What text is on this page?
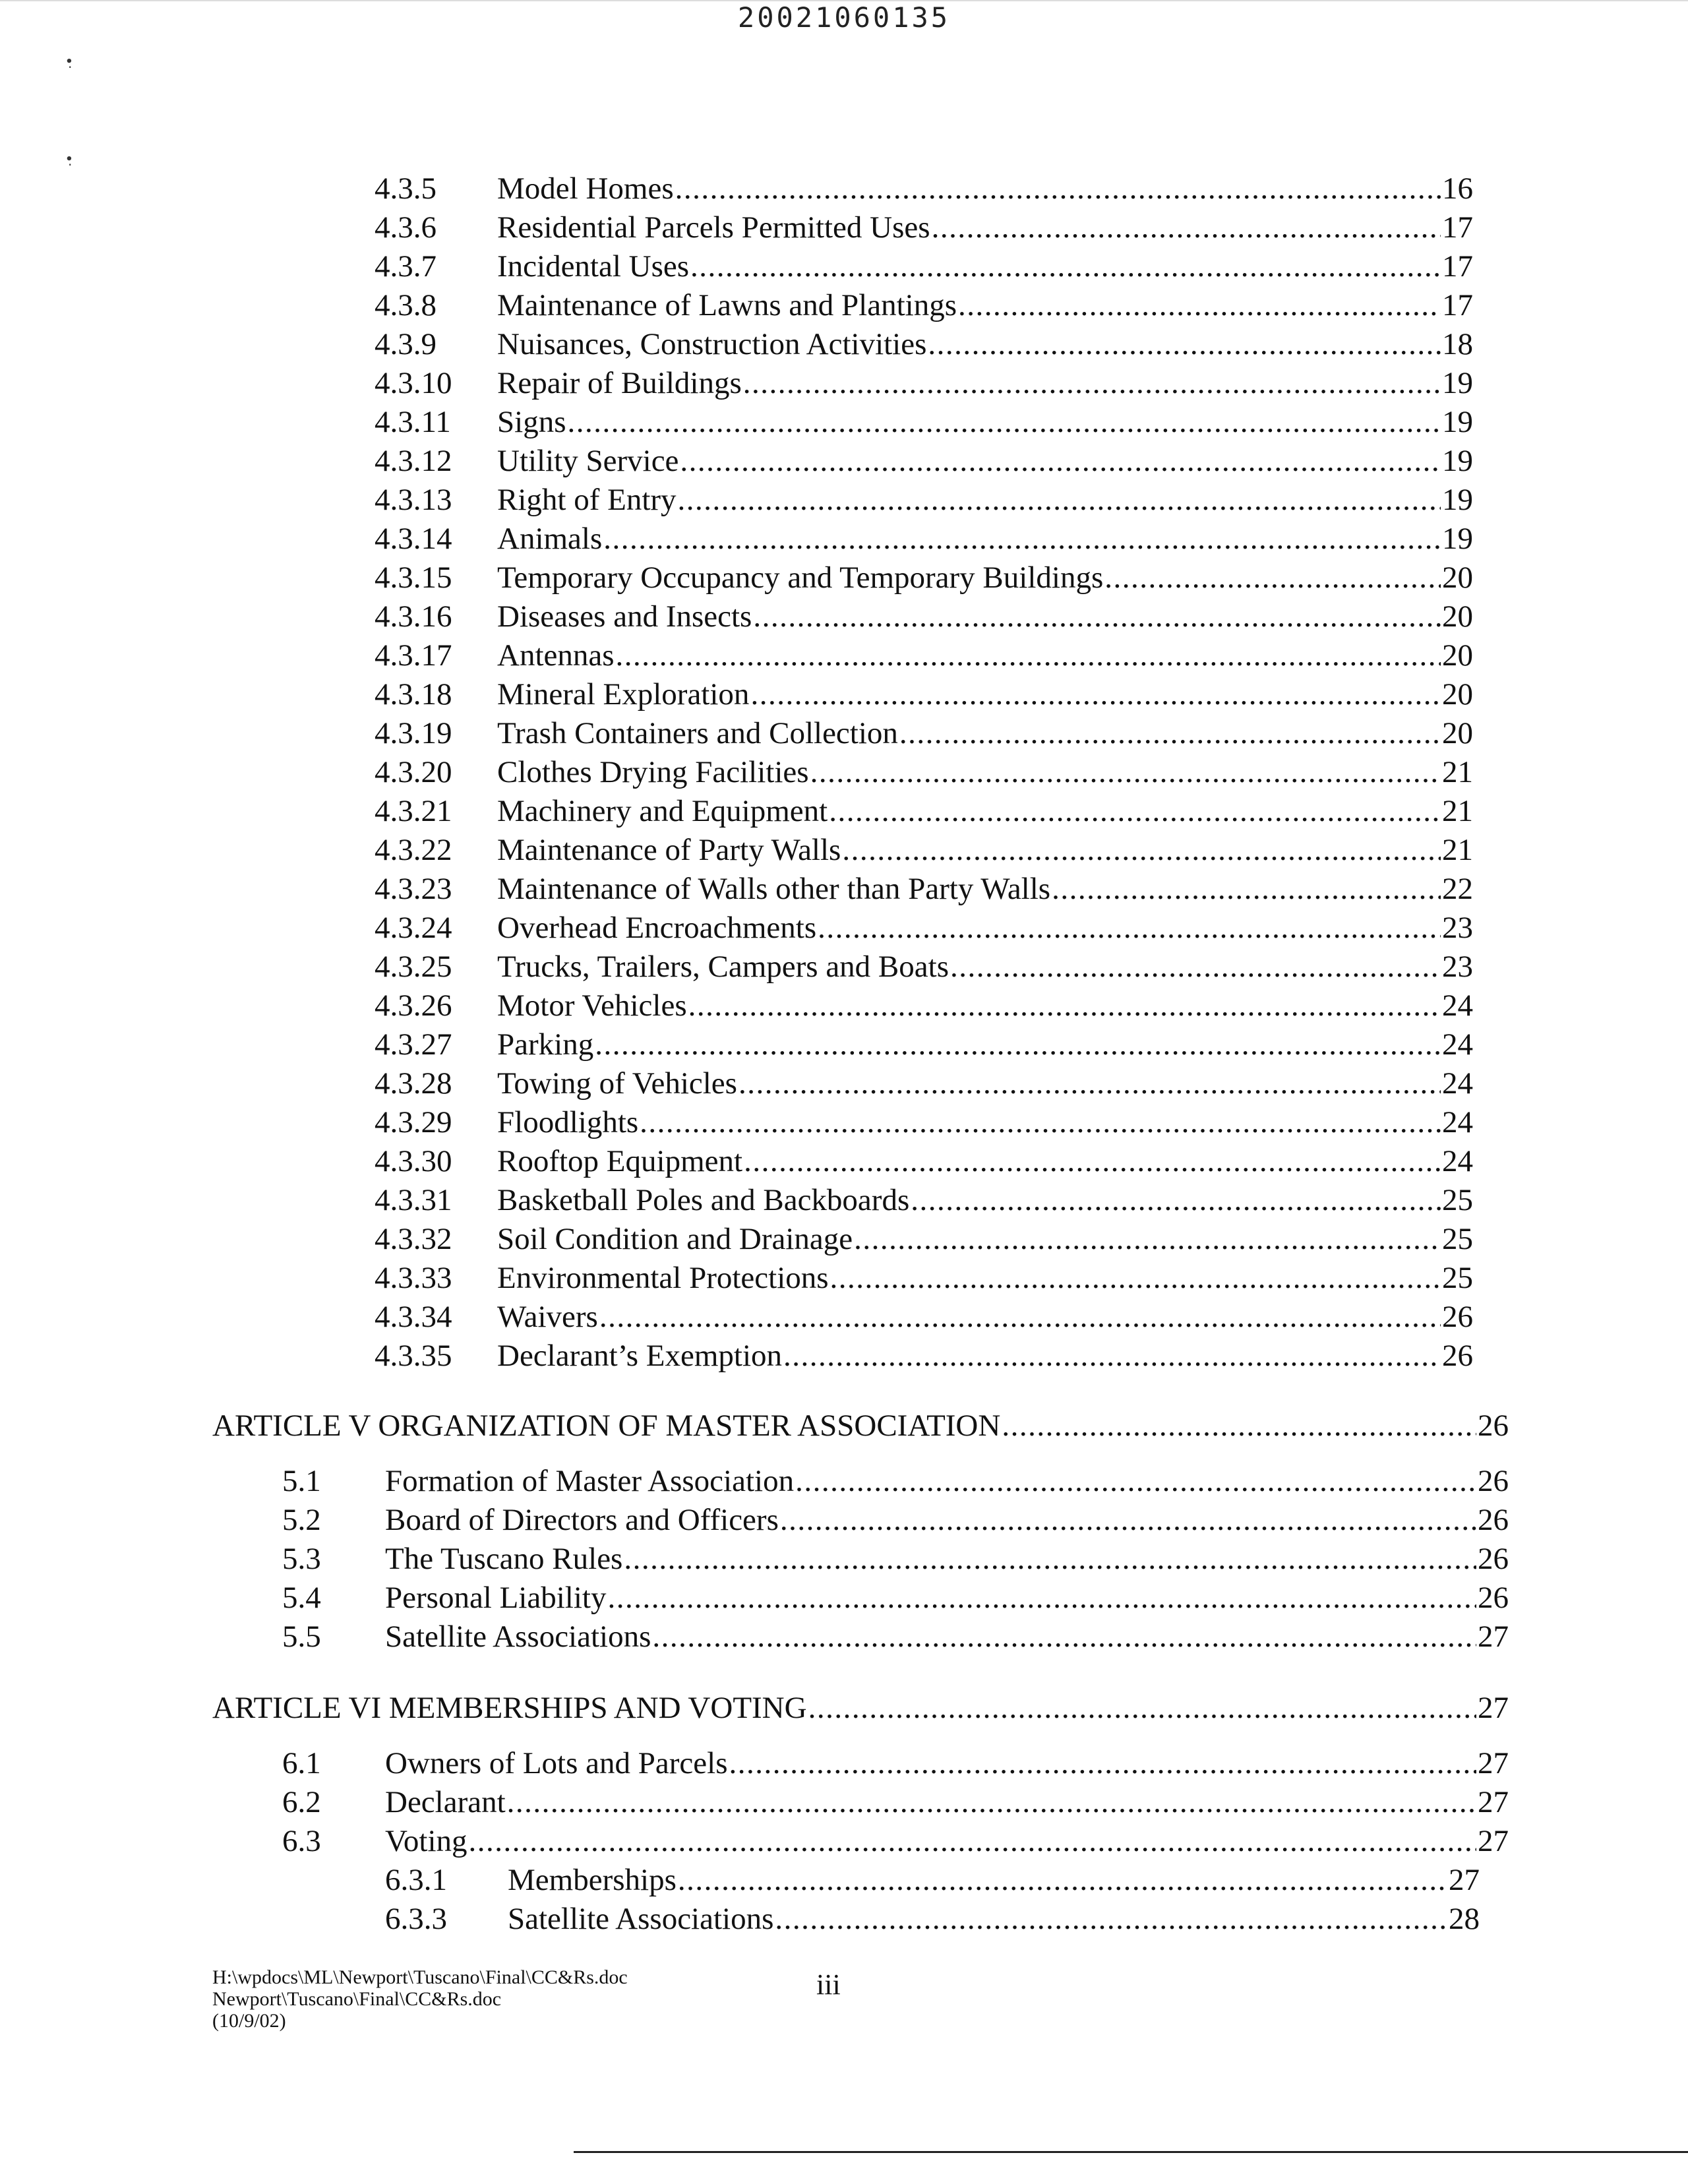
20021060135
∙̣
∙̣
4.3.5	Model Homes .....	16
4.3.6	Residential Parcels Permitted Uses .....	17
4.3.7	Incidental Uses .....	17
4.3.8	Maintenance of Lawns and Plantings .....	17
4.3.9	Nuisances, Construction Activities .....	18
4.3.10	Repair of Buildings .....	19
4.3.11	Signs .....	19
4.3.12	Utility Service .....	19
4.3.13	Right of Entry .....	19
4.3.14	Animals .....	19
4.3.15	Temporary Occupancy and Temporary Buildings .....	20
4.3.16	Diseases and Insects .....	20
4.3.17	Antennas .....	20
4.3.18	Mineral Exploration .....	20
4.3.19	Trash Containers and Collection .....	20
4.3.20	Clothes Drying Facilities .....	21
4.3.21	Machinery and Equipment .....	21
4.3.22	Maintenance of Party Walls .....	21
4.3.23	Maintenance of Walls other than Party Walls .....	22
4.3.24	Overhead Encroachments .....	23
4.3.25	Trucks, Trailers, Campers and Boats .....	23
4.3.26	Motor Vehicles .....	24
4.3.27	Parking .....	24
4.3.28	Towing of Vehicles .....	24
4.3.29	Floodlights .....	24
4.3.30	Rooftop Equipment .....	24
4.3.31	Basketball Poles and Backboards .....	25
4.3.32	Soil Condition and Drainage .....	25
4.3.33	Environmental Protections .....	25
4.3.34	Waivers .....	26
4.3.35	Declarant’s Exemption .....	26
ARTICLE V ORGANIZATION OF MASTER ASSOCIATION .....	26
5.1	Formation of Master Association .....	26
5.2	Board of Directors and Officers .....	26
5.3	The Tuscano Rules .....	26
5.4	Personal Liability .....	26
5.5	Satellite Associations .....	27
ARTICLE VI MEMBERSHIPS AND VOTING .....	27
6.1	Owners of Lots and Parcels .....	27
6.2	Declarant .....	27
6.3	Voting .....	27
6.3.1	Memberships .....	27
6.3.3	Satellite Associations .....	28
H:\wpdocs\ML\Newport\Tuscano\Final\CC&Rs.doc
Newport\Tuscano\Final\CC&Rs.doc
(10/9/02)
iii
